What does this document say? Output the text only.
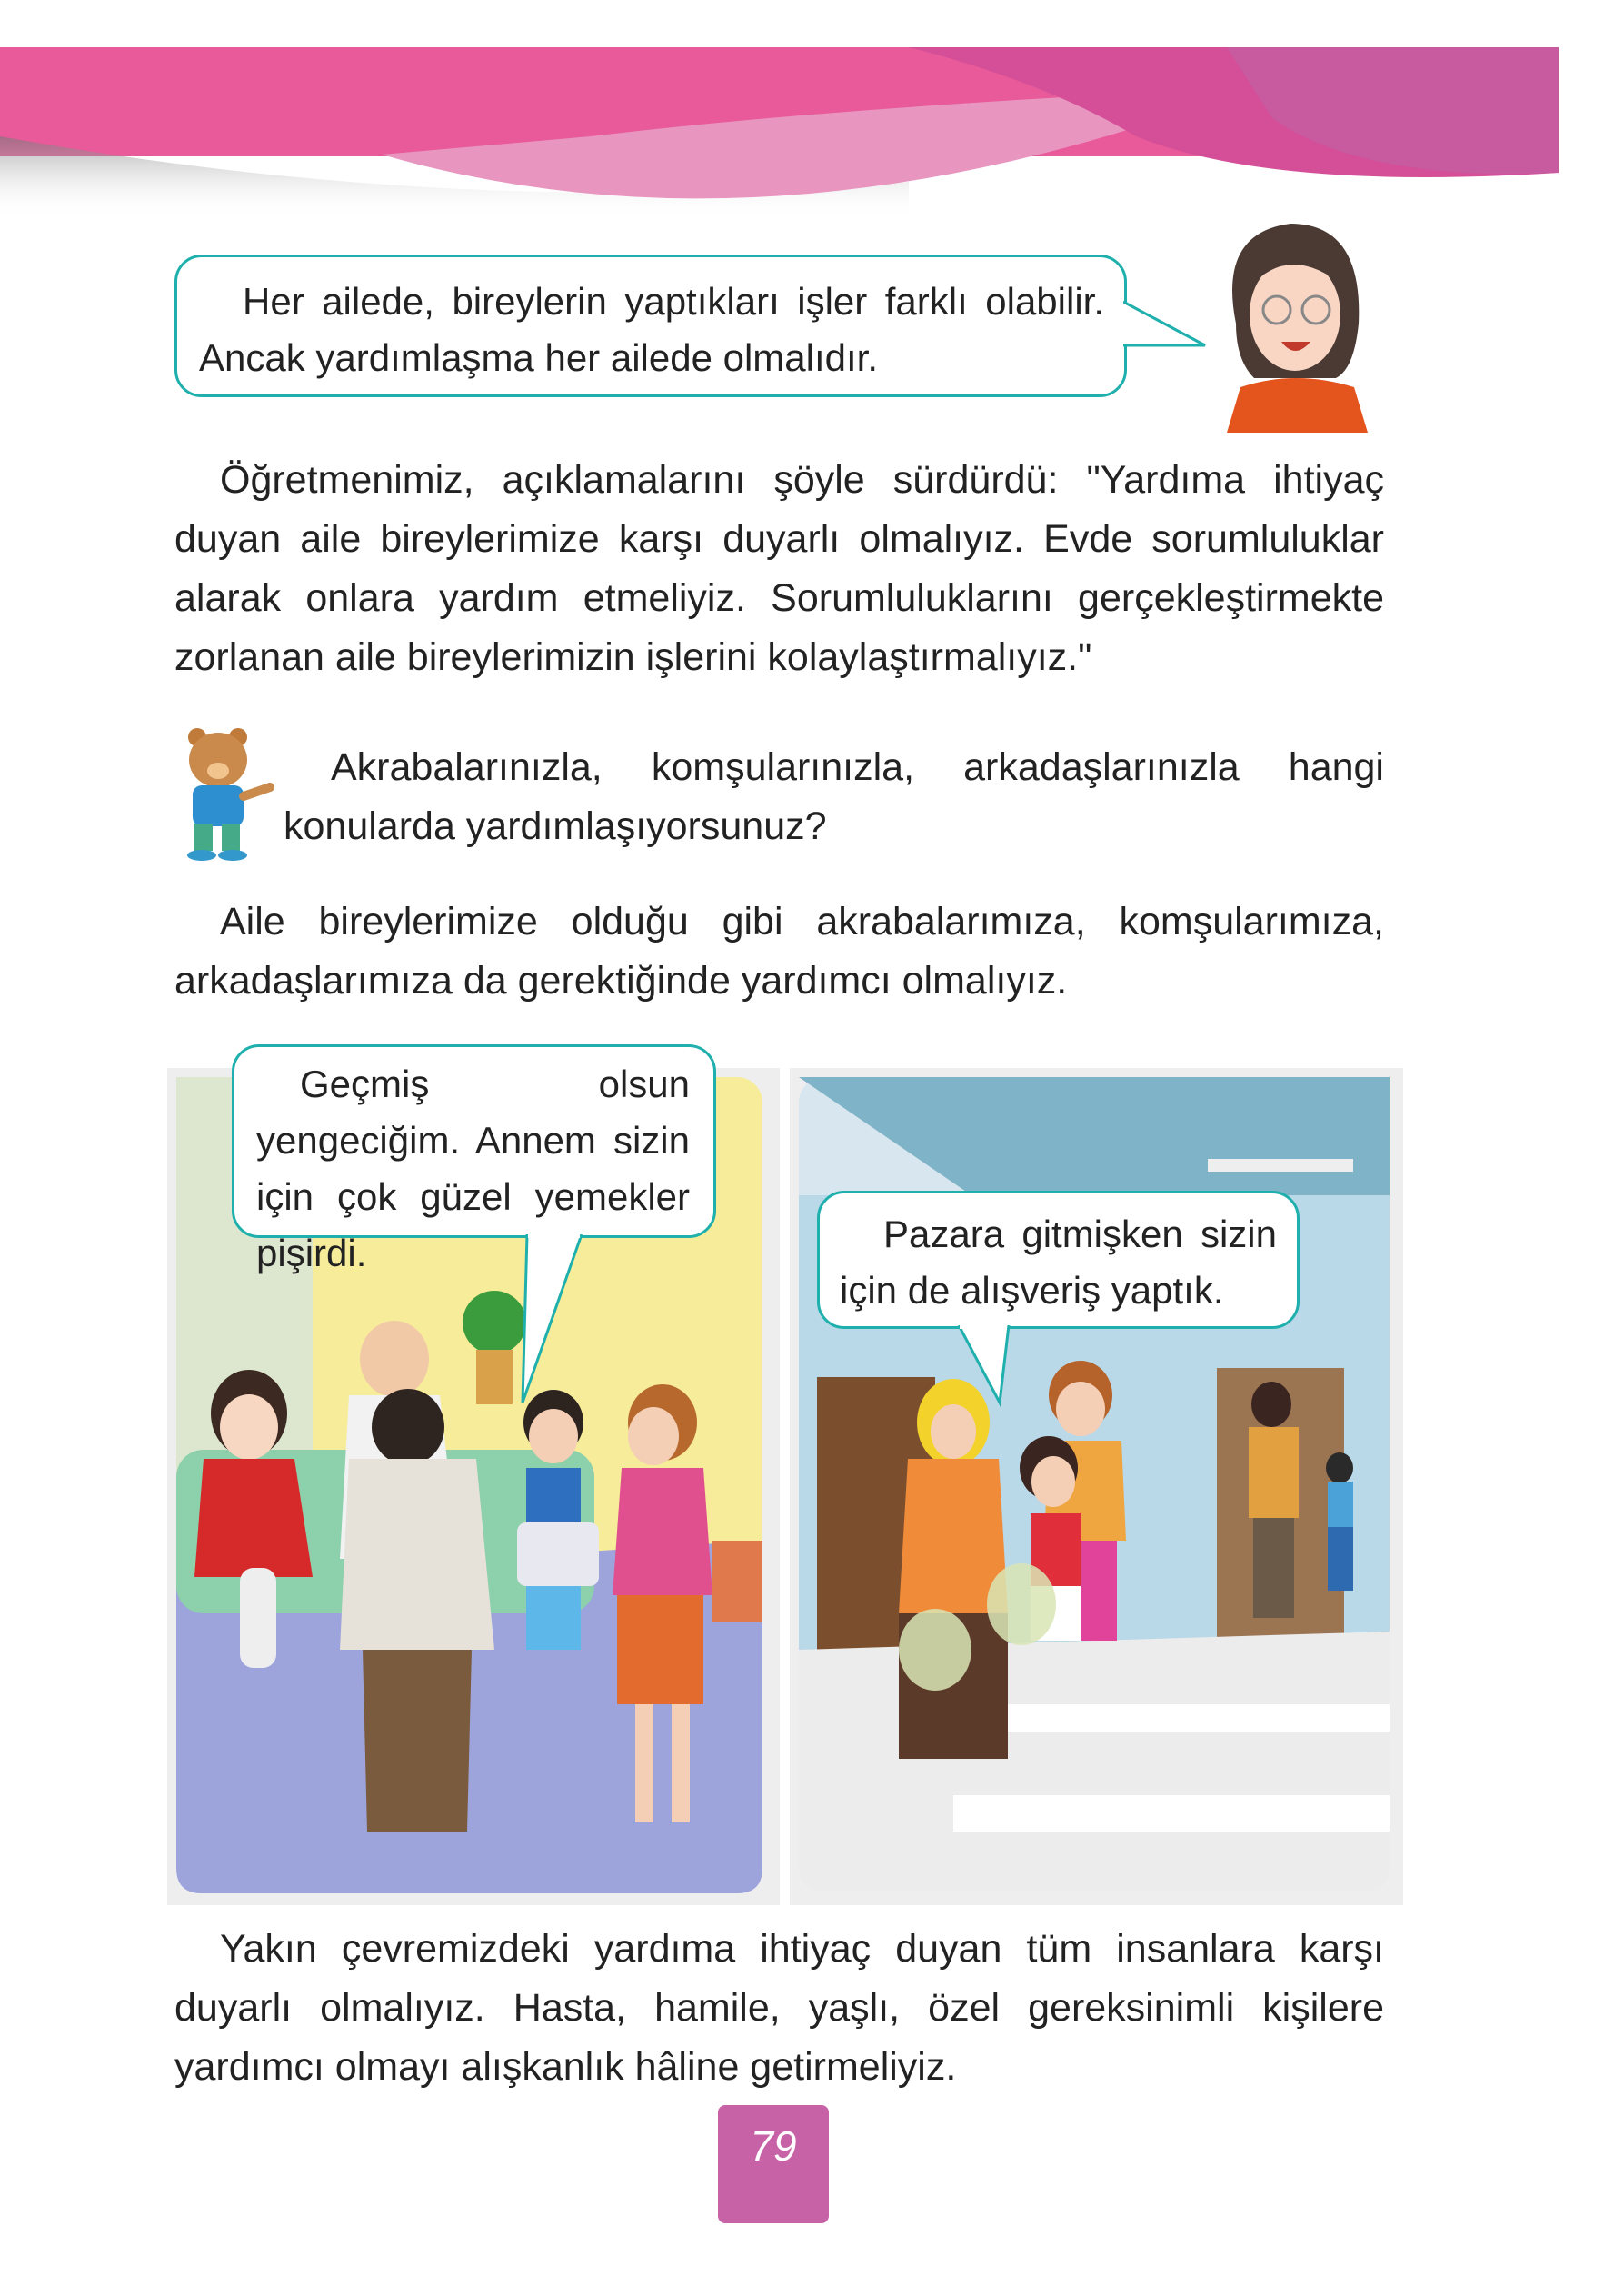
Her ailede, bireylerin yaptıkları işler farklı olabilir. Ancak yardımlaşma her ailede olmalıdır.
Öğretmenimiz, açıklamalarını şöyle sürdürdü: "Yardıma ihtiyaç duyan aile bireylerimize karşı duyarlı olmalıyız. Evde sorumluluklar alarak onlara yardım etmeliyiz. Sorumluluklarını gerçekleştirmekte zorlanan aile bireylerimizin işlerini kolaylaştırmalıyız."
Akrabalarınızla, komşularınızla, arkadaşlarınızla hangi konularda yardımlaşıyorsunuz?
Aile bireylerimize olduğu gibi akrabalarımıza, komşularımıza, arkadaşlarımıza da gerektiğinde yardımcı olmalıyız.
Geçmiş olsun yengeciğim. Annem sizin için çok güzel yemekler pişirdi.	Pazara gitmişken sizin için de alışveriş yaptık.
Yakın çevremizdeki yardıma ihtiyaç duyan tüm insanlara karşı duyarlı olmalıyız. Hasta, hamile, yaşlı, özel gereksinimli kişilere yardımcı olmayı alışkanlık hâline getirmeliyiz.
79
